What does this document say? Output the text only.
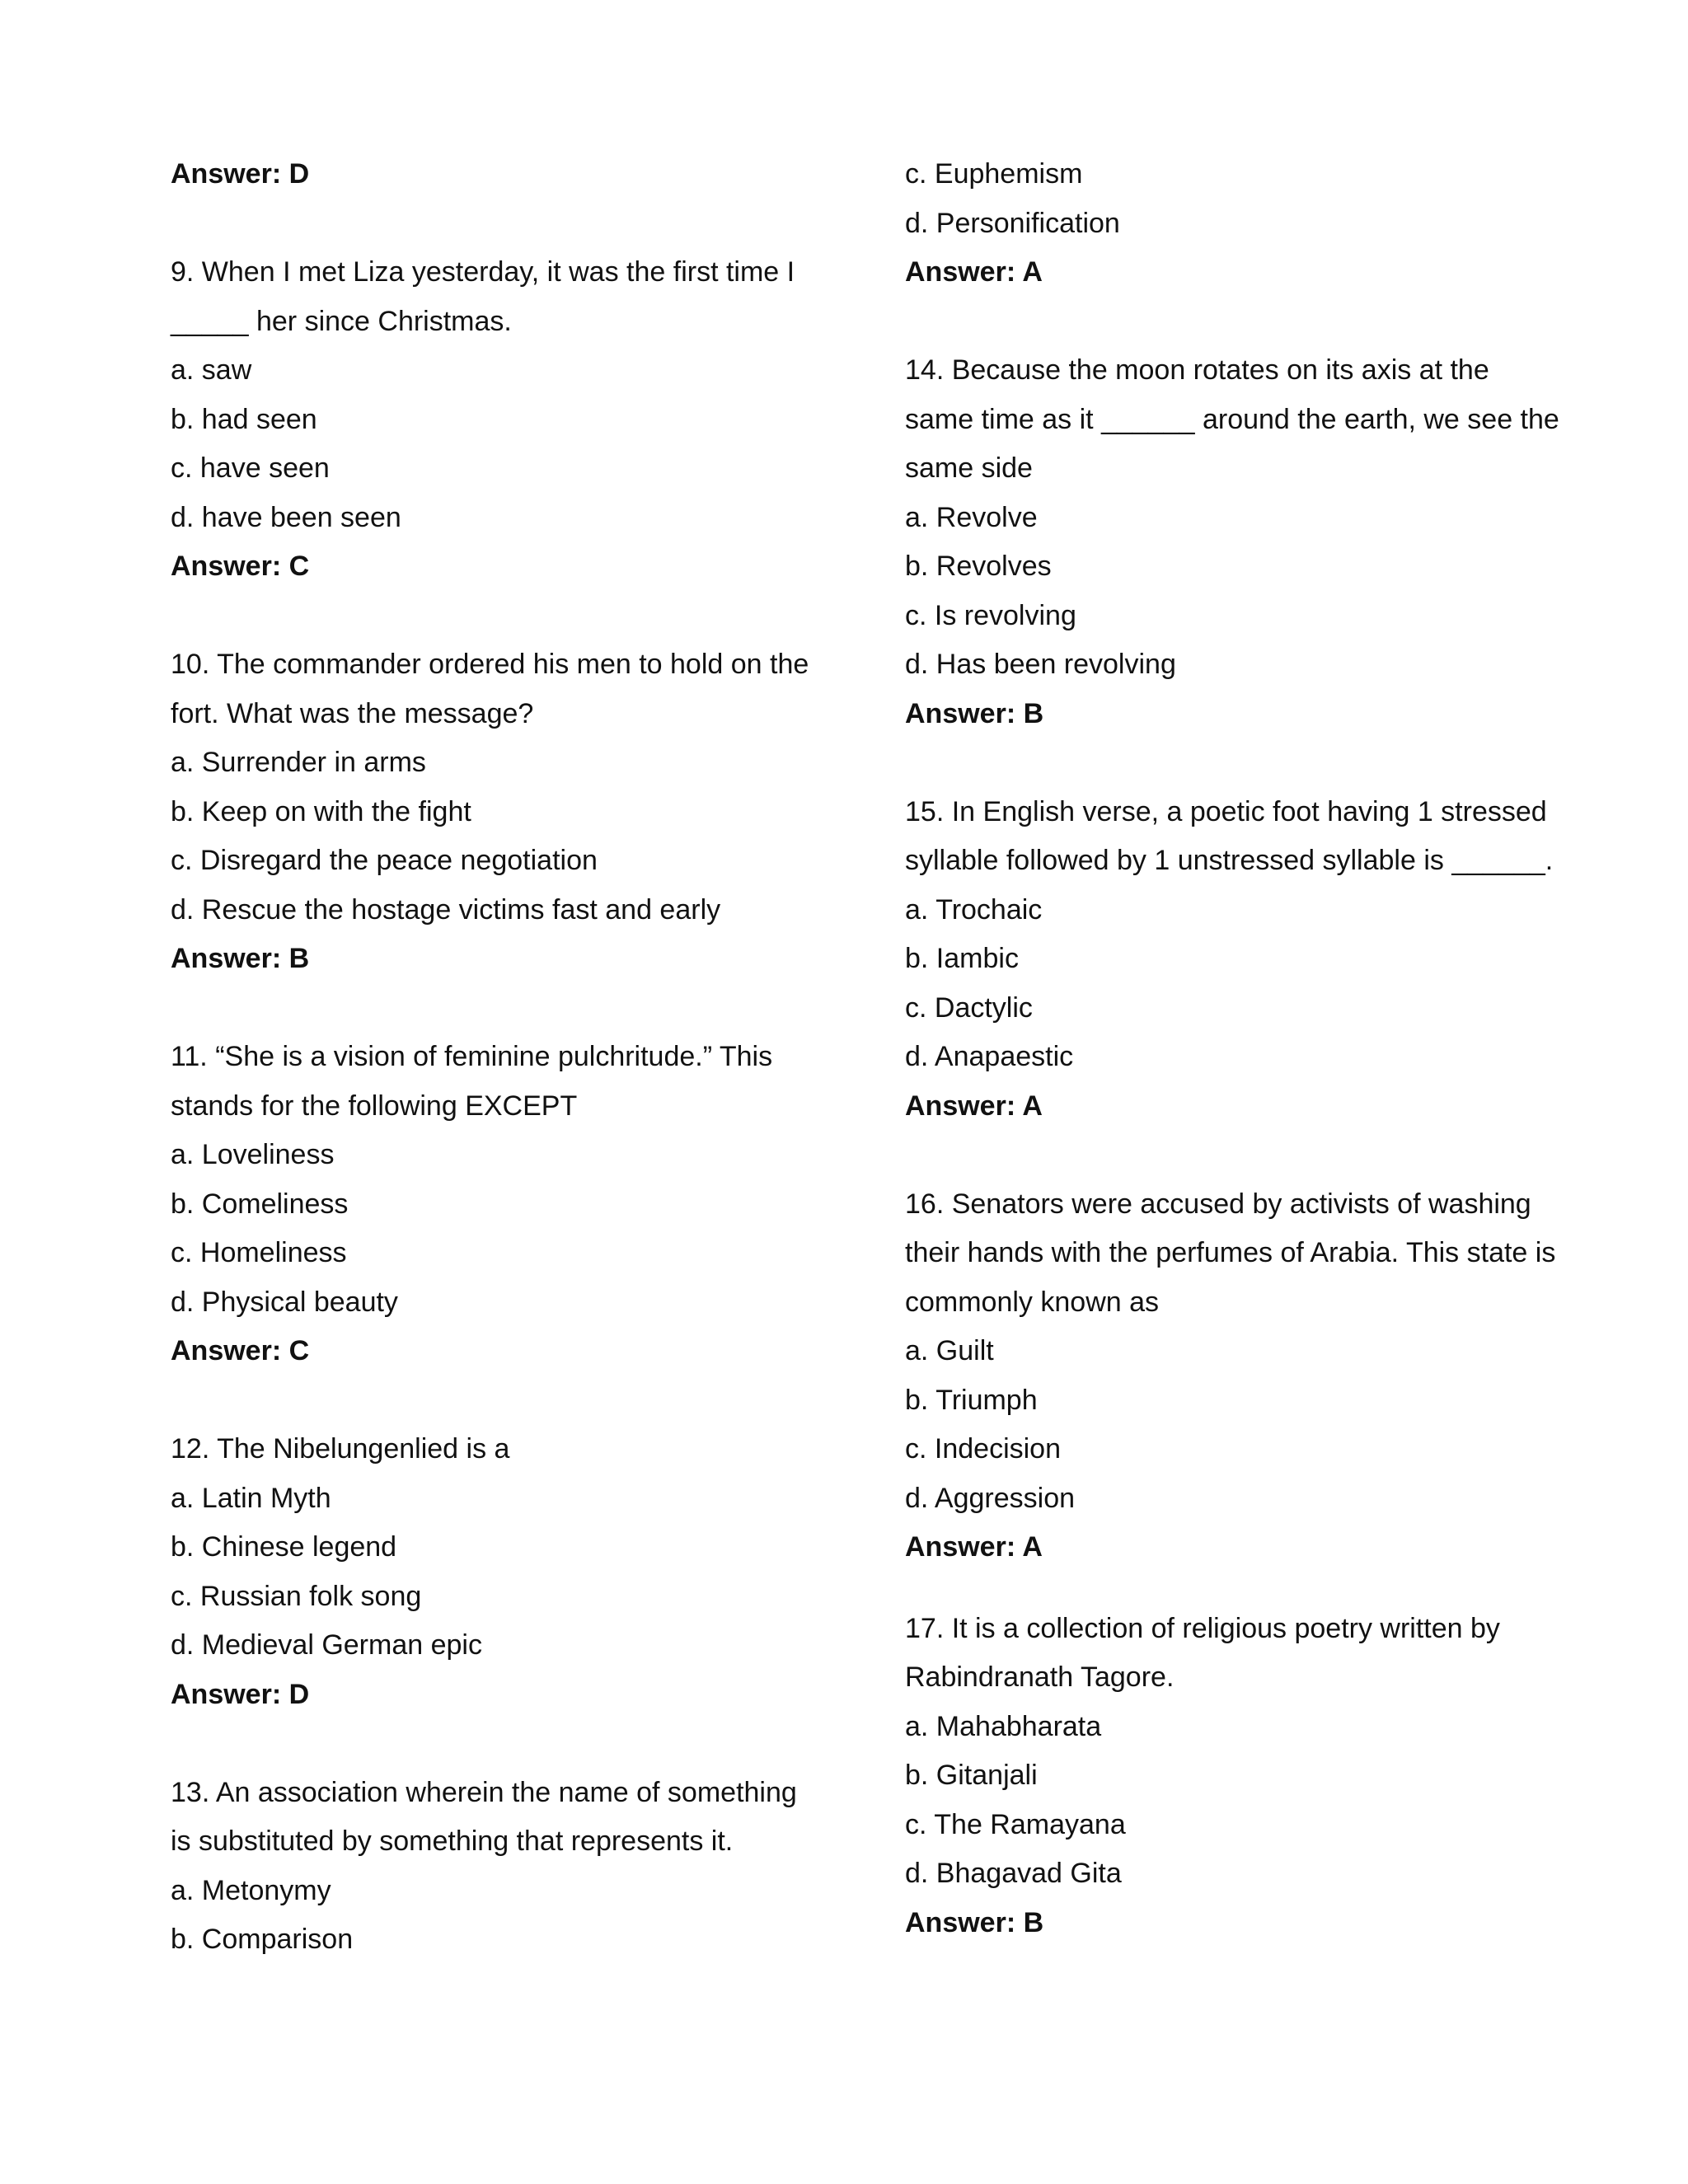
Answer: D
9. When I met Liza yesterday, it was the first time I
_____ her since Christmas.
a. saw
b. had seen
c. have seen
d. have been seen
Answer: C
10. The commander ordered his men to hold on the
fort. What was the message?
a. Surrender in arms
b. Keep on with the fight
c. Disregard the peace negotiation
d. Rescue the hostage victims fast and early
Answer: B
11. “She is a vision of feminine pulchritude.” This
stands for the following EXCEPT
a. Loveliness
b. Comeliness
c. Homeliness
d. Physical beauty
Answer: C
12. The Nibelungenlied is a
a. Latin Myth
b. Chinese legend
c. Russian folk song
d. Medieval German epic
Answer: D
13. An association wherein the name of something
is substituted by something that represents it.
a. Metonymy
b. Comparison
c. Euphemism
d. Personification
Answer: A
14. Because the moon rotates on its axis at the
same time as it ______ around the earth, we see the
same side
a. Revolve
b. Revolves
c. Is revolving
d. Has been revolving
Answer: B
15. In English verse, a poetic foot having 1 stressed
syllable followed by 1 unstressed syllable is ______.
a. Trochaic
b. Iambic
c. Dactylic
d. Anapaestic
Answer: A
16. Senators were accused by activists of washing
their hands with the perfumes of Arabia. This state is
commonly known as
a. Guilt
b. Triumph
c. Indecision
d. Aggression
Answer: A
17. It is a collection of religious poetry written by
Rabindranath Tagore.
a. Mahabharata
b. Gitanjali
c. The Ramayana
d. Bhagavad Gita
Answer: B
